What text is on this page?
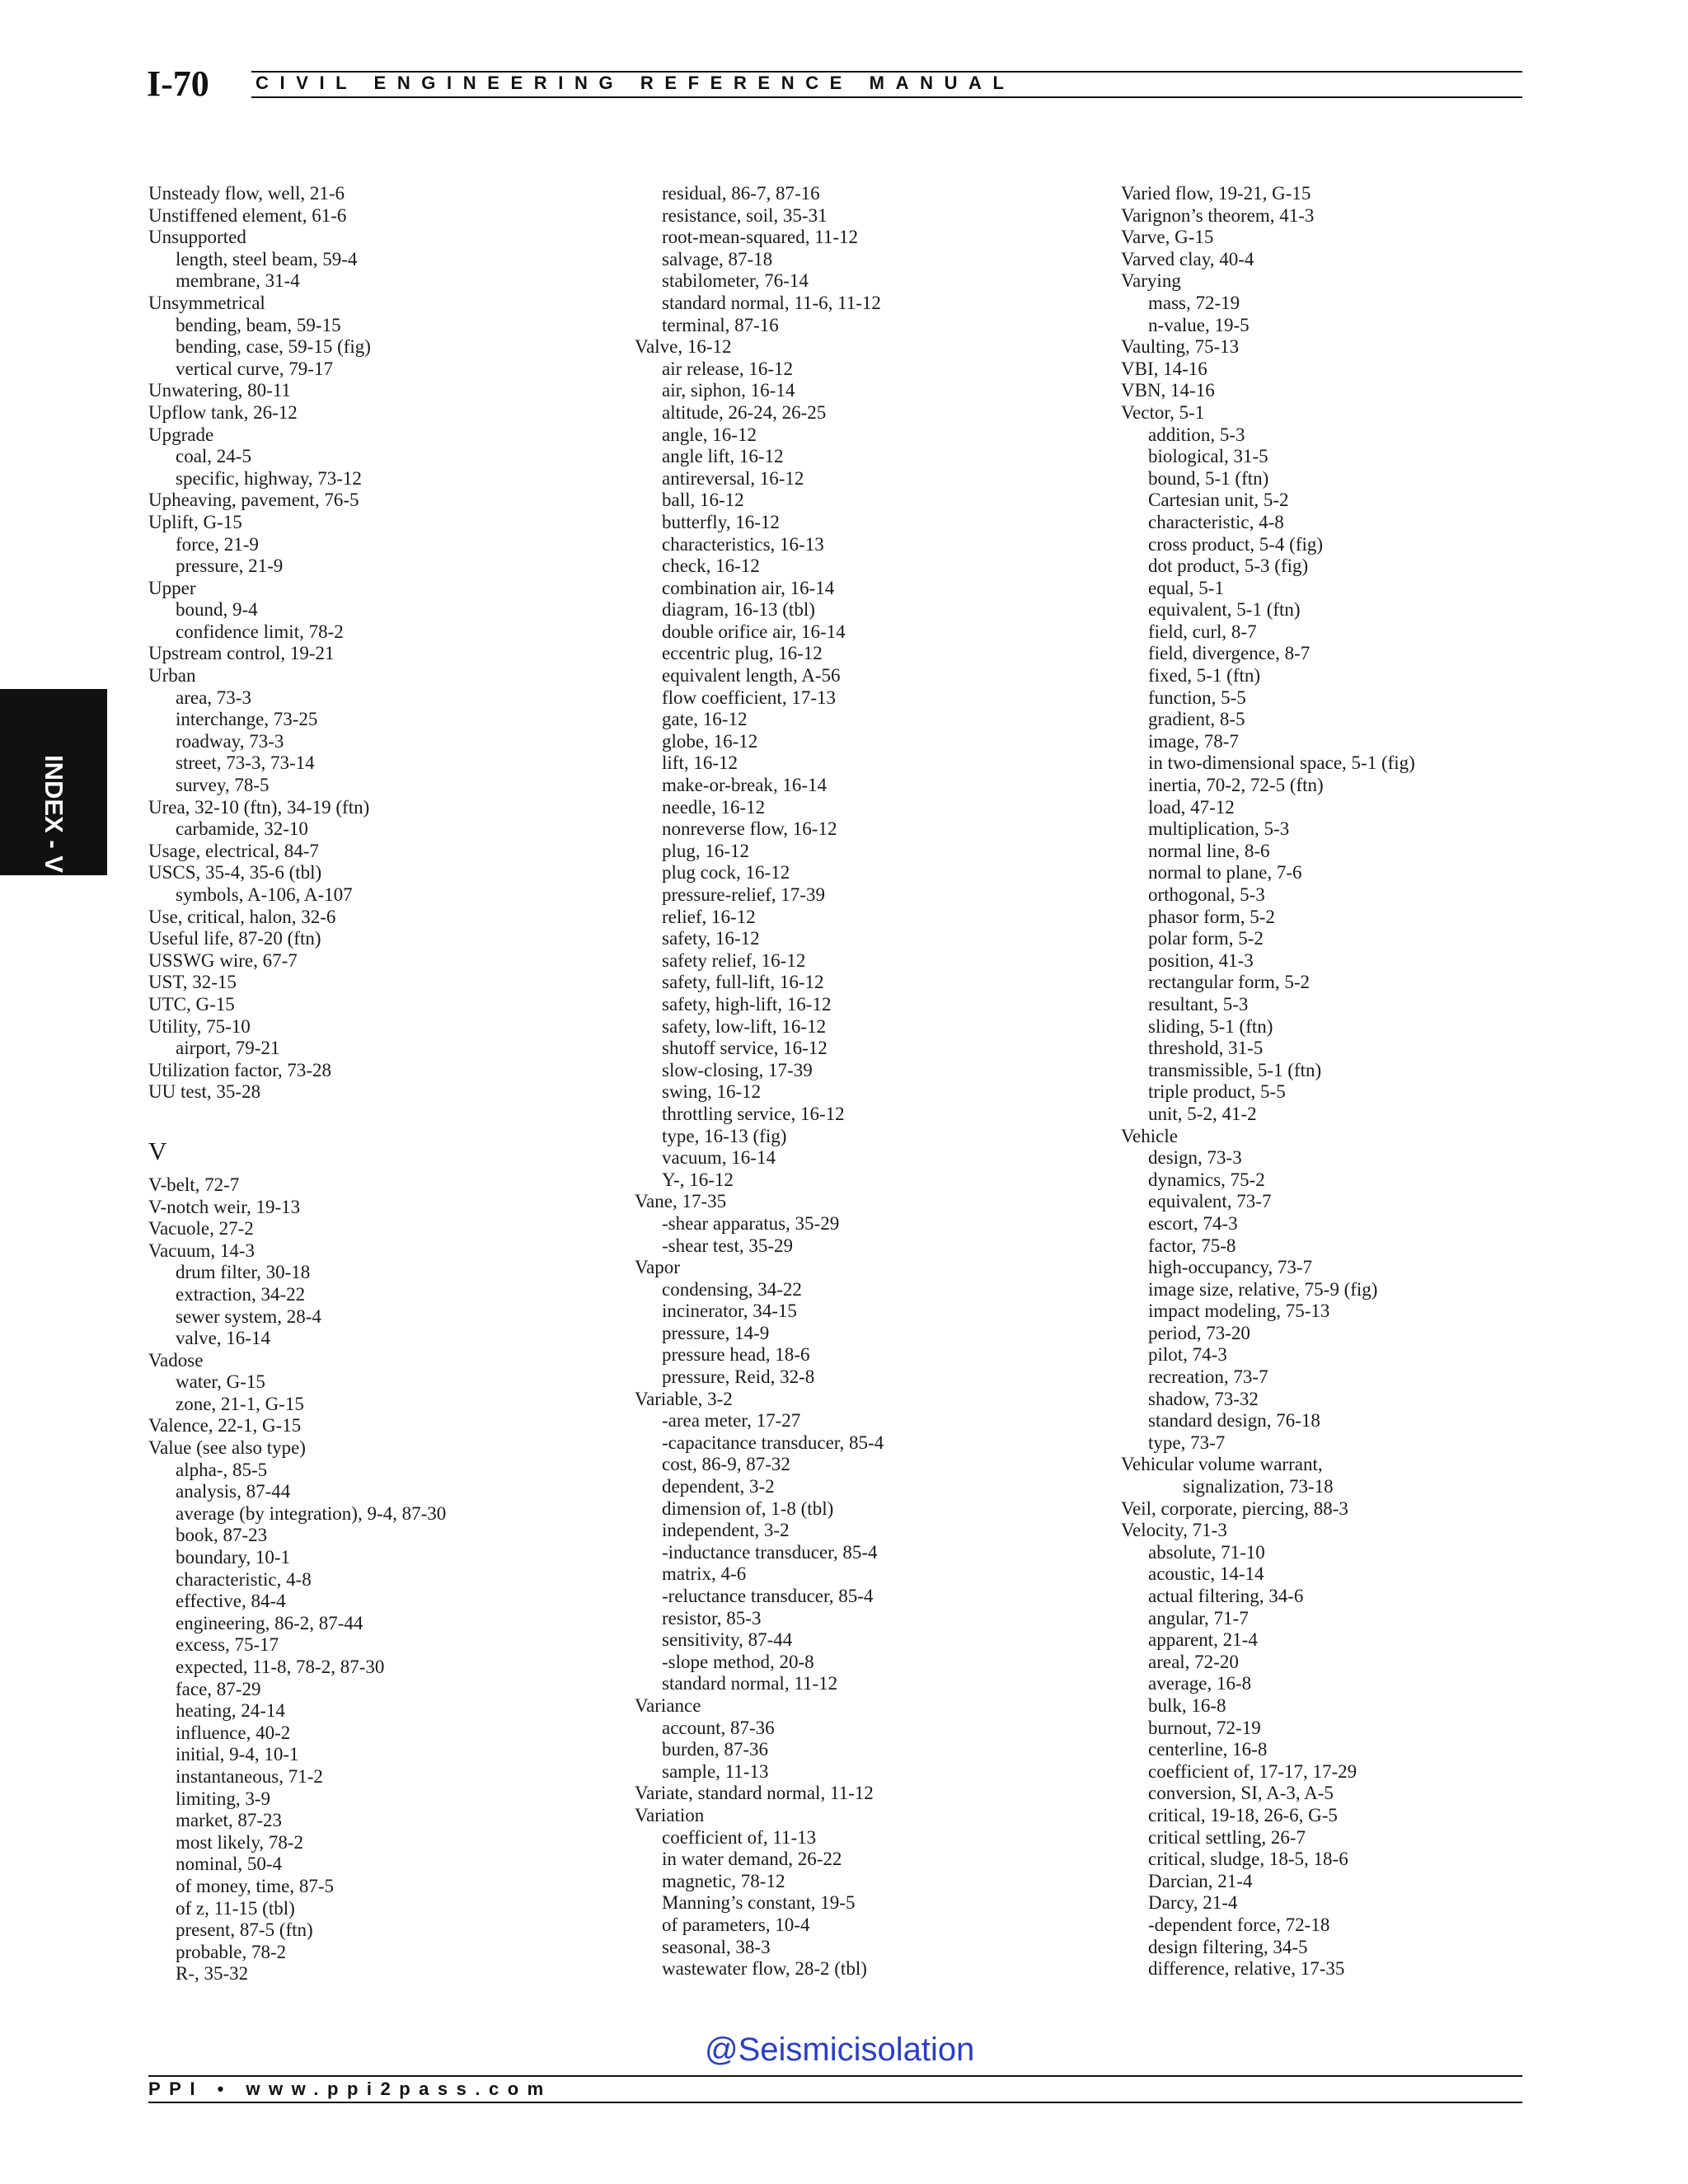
I-70	CIVIL ENGINEERING REFERENCE MANUAL
INDEX - V
Unsteady flow, well, 21-6
Unstiffened element, 61-6
Unsupported
length, steel beam, 59-4
membrane, 31-4
Unsymmetrical
bending, beam, 59-15
bending, case, 59-15 (fig)
vertical curve, 79-17
Unwatering, 80-11
Upflow tank, 26-12
Upgrade
coal, 24-5
specific, highway, 73-12
Upheaving, pavement, 76-5
Uplift, G-15
force, 21-9
pressure, 21-9
Upper
bound, 9-4
confidence limit, 78-2
Upstream control, 19-21
Urban
area, 73-3
interchange, 73-25
roadway, 73-3
street, 73-3, 73-14
survey, 78-5
Urea, 32-10 (ftn), 34-19 (ftn)
carbamide, 32-10
Usage, electrical, 84-7
USCS, 35-4, 35-6 (tbl)
symbols, A-106, A-107
Use, critical, halon, 32-6
Useful life, 87-20 (ftn)
USSWG wire, 67-7
UST, 32-15
UTC, G-15
Utility, 75-10
airport, 79-21
Utilization factor, 73-28
UU test, 35-28
V
V-belt, 72-7
V-notch weir, 19-13
Vacuole, 27-2
Vacuum, 14-3
drum filter, 30-18
extraction, 34-22
sewer system, 28-4
valve, 16-14
Vadose
water, G-15
zone, 21-1, G-15
Valence, 22-1, G-15
Value (see also type)
alpha-, 85-5
analysis, 87-44
average (by integration), 9-4, 87-30
book, 87-23
boundary, 10-1
characteristic, 4-8
effective, 84-4
engineering, 86-2, 87-44
excess, 75-17
expected, 11-8, 78-2, 87-30
face, 87-29
heating, 24-14
influence, 40-2
initial, 9-4, 10-1
instantaneous, 71-2
limiting, 3-9
market, 87-23
most likely, 78-2
nominal, 50-4
of money, time, 87-5
of z, 11-15 (tbl)
present, 87-5 (ftn)
probable, 78-2
R-, 35-32
residual, 86-7, 87-16
resistance, soil, 35-31
root-mean-squared, 11-12
salvage, 87-18
stabilometer, 76-14
standard normal, 11-6, 11-12
terminal, 87-16
Valve, 16-12
air release, 16-12
air, siphon, 16-14
altitude, 26-24, 26-25
angle, 16-12
angle lift, 16-12
antireversal, 16-12
ball, 16-12
butterfly, 16-12
characteristics, 16-13
check, 16-12
combination air, 16-14
diagram, 16-13 (tbl)
double orifice air, 16-14
eccentric plug, 16-12
equivalent length, A-56
flow coefficient, 17-13
gate, 16-12
globe, 16-12
lift, 16-12
make-or-break, 16-14
needle, 16-12
nonreverse flow, 16-12
plug, 16-12
plug cock, 16-12
pressure-relief, 17-39
relief, 16-12
safety, 16-12
safety relief, 16-12
safety, full-lift, 16-12
safety, high-lift, 16-12
safety, low-lift, 16-12
shutoff service, 16-12
slow-closing, 17-39
swing, 16-12
throttling service, 16-12
type, 16-13 (fig)
vacuum, 16-14
Y-, 16-12
Vane, 17-35
-shear apparatus, 35-29
-shear test, 35-29
Vapor
condensing, 34-22
incinerator, 34-15
pressure, 14-9
pressure head, 18-6
pressure, Reid, 32-8
Variable, 3-2
-area meter, 17-27
-capacitance transducer, 85-4
cost, 86-9, 87-32
dependent, 3-2
dimension of, 1-8 (tbl)
independent, 3-2
-inductance transducer, 85-4
matrix, 4-6
-reluctance transducer, 85-4
resistor, 85-3
sensitivity, 87-44
-slope method, 20-8
standard normal, 11-12
Variance
account, 87-36
burden, 87-36
sample, 11-13
Variate, standard normal, 11-12
Variation
coefficient of, 11-13
in water demand, 26-22
magnetic, 78-12
Manning’s constant, 19-5
of parameters, 10-4
seasonal, 38-3
wastewater flow, 28-2 (tbl)
Varied flow, 19-21, G-15
Varignon’s theorem, 41-3
Varve, G-15
Varved clay, 40-4
Varying
mass, 72-19
n-value, 19-5
Vaulting, 75-13
VBI, 14-16
VBN, 14-16
Vector, 5-1
addition, 5-3
biological, 31-5
bound, 5-1 (ftn)
Cartesian unit, 5-2
characteristic, 4-8
cross product, 5-4 (fig)
dot product, 5-3 (fig)
equal, 5-1
equivalent, 5-1 (ftn)
field, curl, 8-7
field, divergence, 8-7
fixed, 5-1 (ftn)
function, 5-5
gradient, 8-5
image, 78-7
in two-dimensional space, 5-1 (fig)
inertia, 70-2, 72-5 (ftn)
load, 47-12
multiplication, 5-3
normal line, 8-6
normal to plane, 7-6
orthogonal, 5-3
phasor form, 5-2
polar form, 5-2
position, 41-3
rectangular form, 5-2
resultant, 5-3
sliding, 5-1 (ftn)
threshold, 31-5
transmissible, 5-1 (ftn)
triple product, 5-5
unit, 5-2, 41-2
Vehicle
design, 73-3
dynamics, 75-2
equivalent, 73-7
escort, 74-3
factor, 75-8
high-occupancy, 73-7
image size, relative, 75-9 (fig)
impact modeling, 75-13
period, 73-20
pilot, 74-3
recreation, 73-7
shadow, 73-32
standard design, 76-18
type, 73-7
Vehicular volume warrant,
signalization, 73-18
Veil, corporate, piercing, 88-3
Velocity, 71-3
absolute, 71-10
acoustic, 14-14
actual filtering, 34-6
angular, 71-7
apparent, 21-4
areal, 72-20
average, 16-8
bulk, 16-8
burnout, 72-19
centerline, 16-8
coefficient of, 17-17, 17-29
conversion, SI, A-3, A-5
critical, 19-18, 26-6, G-5
critical settling, 26-7
critical, sludge, 18-5, 18-6
Darcian, 21-4
Darcy, 21-4
-dependent force, 72-18
design filtering, 34-5
difference, relative, 17-35
@Seismicisolation
PPI • www.ppi2pass.com
